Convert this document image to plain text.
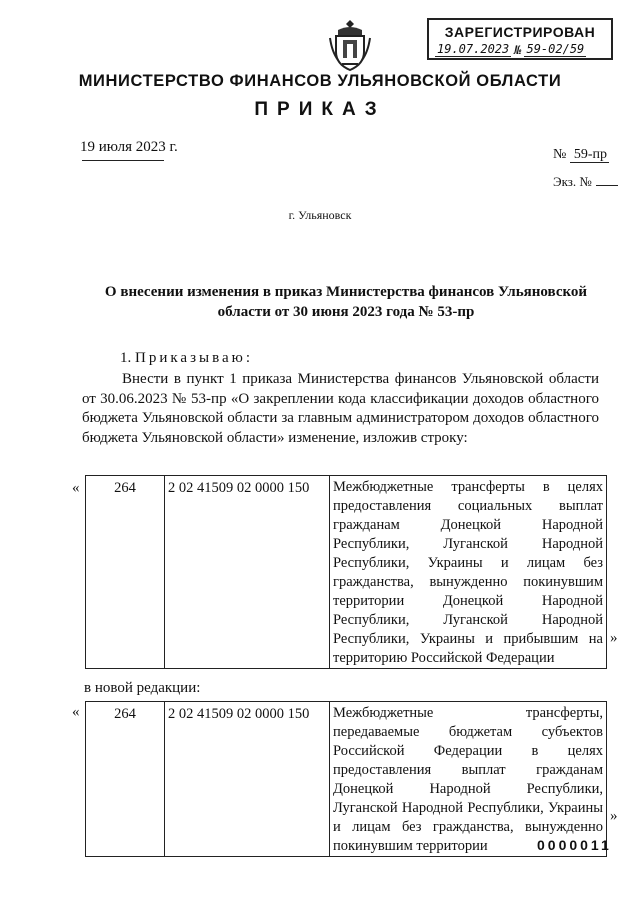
ЗАРЕГИСТРИРОВАН
19.07.2023 № 59-02/59
МИНИСТЕРСТВО ФИНАНСОВ УЛЬЯНОВСКОЙ ОБЛАСТИ
ПРИКАЗ
19 июля 2023 г.	№ 59-пр
Экз. №
г. Ульяновск
О внесении изменения в приказ Министерства финансов Ульяновской области от 30 июня 2023 года № 53-пр
1. Приказываю:
Внести в пункт 1 приказа Министерства финансов Ульяновской области от 30.06.2023 № 53-пр «О закреплении кода классификации доходов областного бюджета Ульяновской области за главным администратором доходов областного бюджета Ульяновской области» изменение, изложив строку:
« 264	2 02 41509 02 0000 150	Межбюджетные трансферты в целях предоставления социальных выплат гражданам Донецкой Народной Республики, Луганской Народной Республики, Украины и лицам без гражданства, вынужденно покинувшим территории Донецкой Народной Республики, Луганской Народной Республики, Украины и прибывшим на территорию Российской Федерации
»
в новой редакции:
« 264	2 02 41509 02 0000 150	Межбюджетные трансферты, передаваемые бюджетам субъектов Российской Федерации в целях предоставления выплат гражданам Донецкой Народной Республики, Луганской Народной Республики, Украины и лицам без гражданства, вынужденно покинувшим территории
»
0000011
